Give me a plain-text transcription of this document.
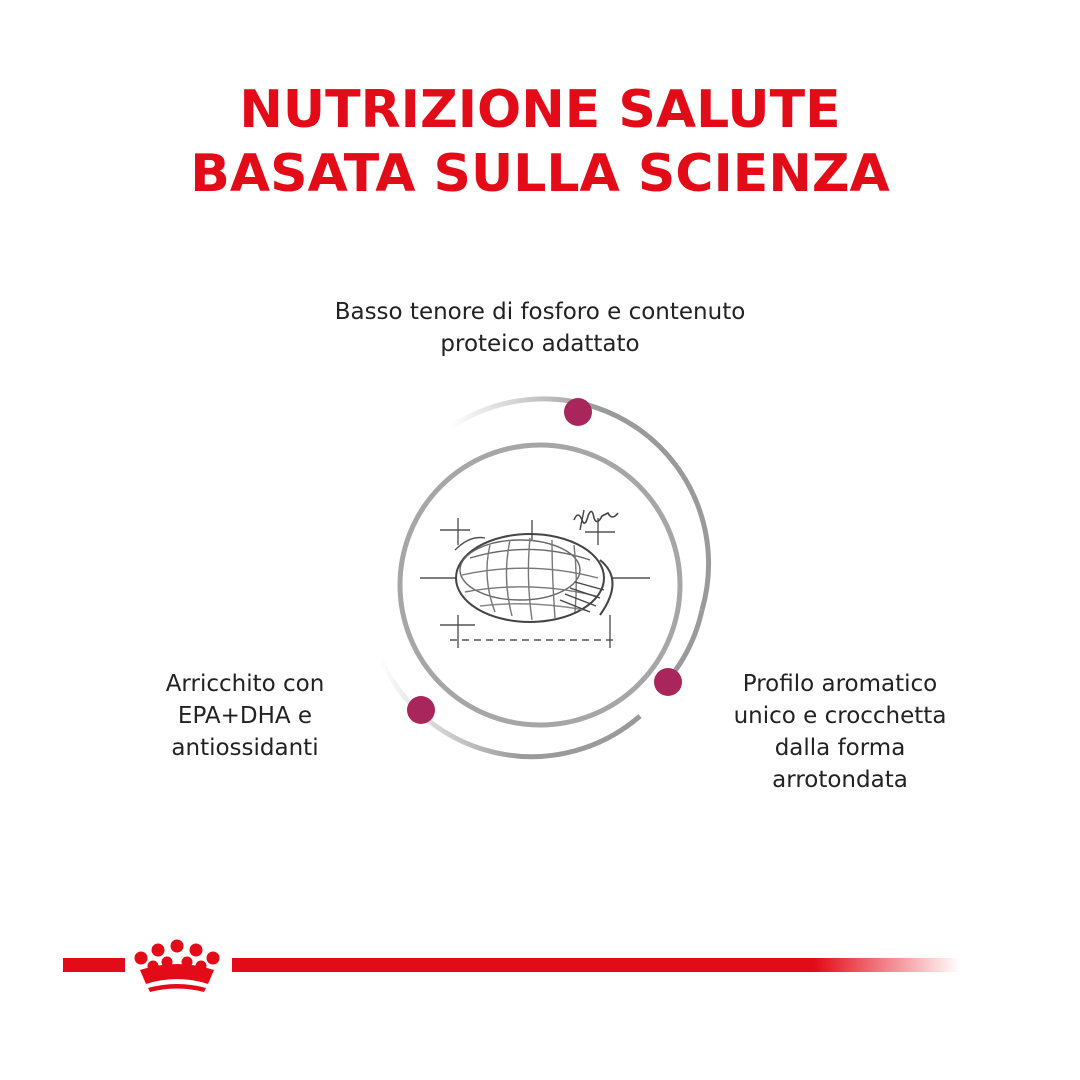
NUTRIZIONE SALUTE
BASATA SULLA SCIENZA
Basso tenore di fosforo e contenuto
proteico adattato
Arricchito con
EPA+DHA e
antiossidanti
Profilo aromatico
unico e crocchetta
dalla forma
arrotondata
